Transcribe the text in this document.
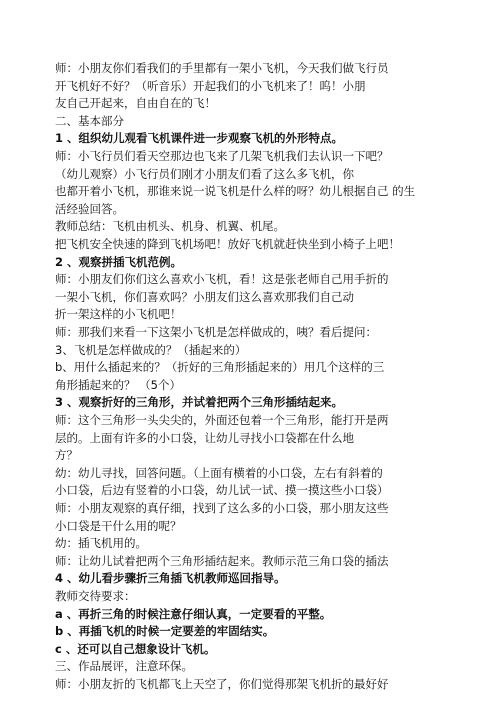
师：小朋友你们看我们的手里都有一架小飞机，今天我们做飞行员
开飞机好不好？（听音乐）开起我们的小飞机来了！呜！小朋
友自己开起来，自由自在的飞！
二、基本部分
1 、组织幼儿观看飞机课件进一步观察飞机的外形特点。
师：小飞行员们看天空那边也飞来了几架飞机我们去认识一下吧？
（幼儿观察）小飞行员们刚才小朋友们看了这么多飞机，你
也都开着小飞机，那谁来说一说飞机是什么样的呀？幼儿根据自己 的生
活经验回答。
教师总结：飞机由机头、机身、机翼、机尾。
把飞机安全快速的降到飞机场吧！放好飞机就赶快坐到小椅子上吧！
2 、观察拼插飞机范例。
师：小朋友们你们这么喜欢小飞机，看！这是张老师自己用手折的
一架小飞机，你们喜欢吗？小朋友们这么喜欢那我们自己动
折一架这样的小飞机吧！
师：那我们来看一下这架小飞机是怎样做成的，咦？看后提问：
3、飞机是怎样做成的？（插起来的）
b、用什么插起来的？（折好的三角形插起来的）用几个这样的三
角形插起来的？ （5个）
3 、观察折好的三角形，并试着把两个三角形插结起来。
师：这个三角形一头尖尖的，外面还包着一个三角形，能打开是两
层的。上面有许多的小口袋，让幼儿寻找小口袋都在什么地
方？
幼：幼儿寻找，回答问题。（上面有横着的小口袋，左右有斜着的
小口袋，后边有竖着的小口袋，幼儿试一试、摸一摸这些小口袋）
师：小朋友观察的真仔细，找到了这么多的小口袋，那小朋友这些
小口袋是干什么用的呢？
幼：插飞机用的。
师：让幼儿试着把两个三角形插结起来。教师示范三角口袋的插法
4 、幼儿看步骤折三角插飞机教师巡回指导。
教师交待要求：
a 、再折三角的时候注意仔细认真，一定要看的平整。
b 、再插飞机的时候一定要差的牢固结实。
c 、还可以自己想象设计飞机。
三、作品展评，注意环保。
师：小朋友折的飞机都飞上天空了，你们觉得那架飞机折的最好好
